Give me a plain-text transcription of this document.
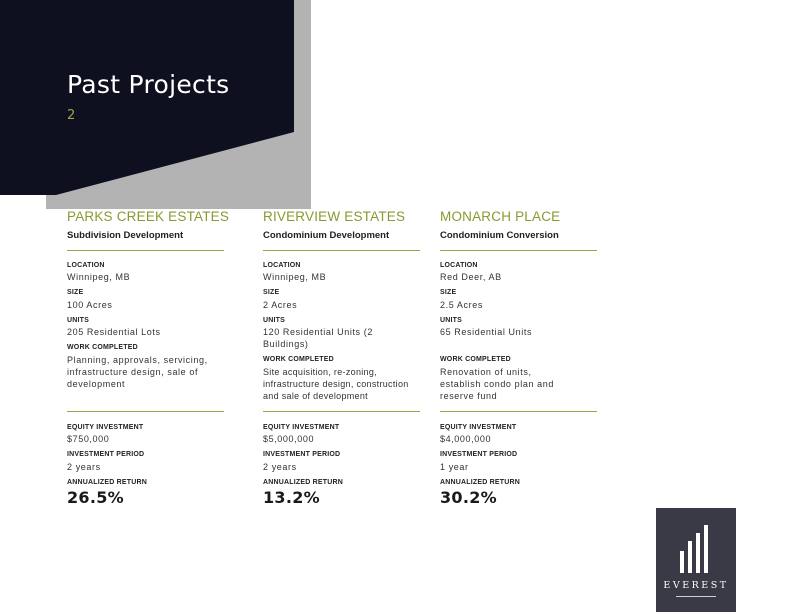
Past Projects
2
PARKS CREEK ESTATES
Subdivision Development
LOCATION
Winnipeg, MB
SIZE
100 Acres
UNITS
205 Residential Lots
WORK COMPLETED
Planning, approvals, servicing, infrastructure design, sale of development
EQUITY INVESTMENT
$750,000
INVESTMENT PERIOD
2 years
ANNUALIZED RETURN
26.5%
RIVERVIEW ESTATES
Condominium Development
LOCATION
Winnipeg, MB
SIZE
2 Acres
UNITS
120 Residential Units (2 Buildings)
WORK COMPLETED
Site acquisition, re-zoning, infrastructure design, construction and sale of development
EQUITY INVESTMENT
$5,000,000
INVESTMENT PERIOD
2 years
ANNUALIZED RETURN
13.2%
MONARCH PLACE
Condominium Conversion
LOCATION
Red Deer, AB
SIZE
2.5 Acres
UNITS
65 Residential Units
WORK COMPLETED
Renovation of units, establish condo plan and reserve fund
EQUITY INVESTMENT
$4,000,000
INVESTMENT PERIOD
1 year
ANNUALIZED RETURN
30.2%
EVEREST
